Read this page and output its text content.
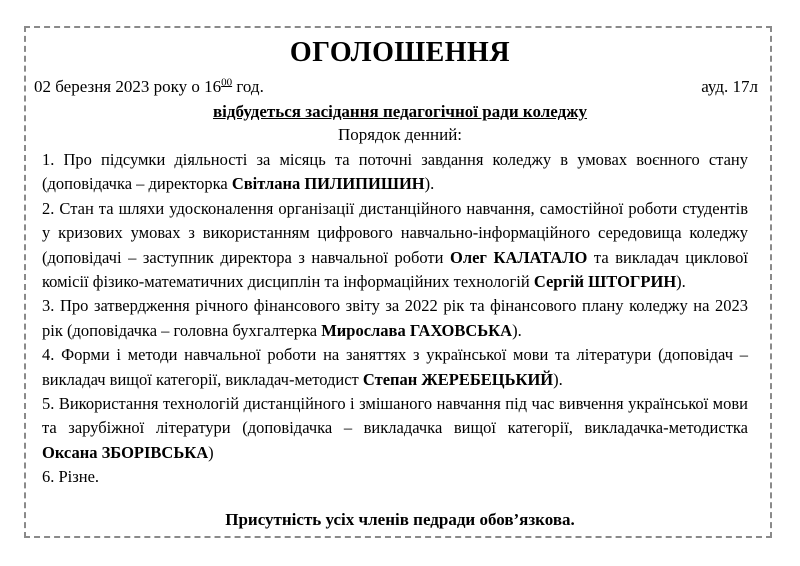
ОГОЛОШЕННЯ
02 березня 2023 року о $16^{00}$ год.	ауд. 17л
відбудеться засідання педагогічної ради коледжу
Порядок денний:

1. Про підсумки діяльності за місяць та поточні завдання коледжу в умовах воєнного стану (доповідачка – директорка Світлана ПИЛИПИШИН).

2. Стан та шляхи удосконалення організації дистанційного навчання, самостійної роботи студентів у кризових умовах з використанням цифрового навчально-інформаційного середовища коледжу (доповідачі – заступник директора з навчальної роботи Олег КАЛАТАЛО та викладач циклової комісії фізико-математичних дисциплін та інформаційних технологій Сергій ШТОГРИН).

3. Про затвердження річного фінансового звіту за 2022 рік та фінансового плану коледжу на 2023 рік (доповідачка – головна бухгалтерка Мирослава ГАХОВСЬКА).

4. Форми і методи навчальної роботи на заняттях з української мови та літератури (доповідач – викладач вищої категорії, викладач-методист Степан ЖЕРЕБЕЦЬКИЙ).

5. Використання технологій дистанційного і змішаного навчання під час вивчення української мови та зарубіжної літератури (доповідачка – викладачка вищої категорії, викладачка-методистка Оксана ЗБОРІВСЬКА)

6. Різне.

Присутність усіх членів педради обов’язкова.
